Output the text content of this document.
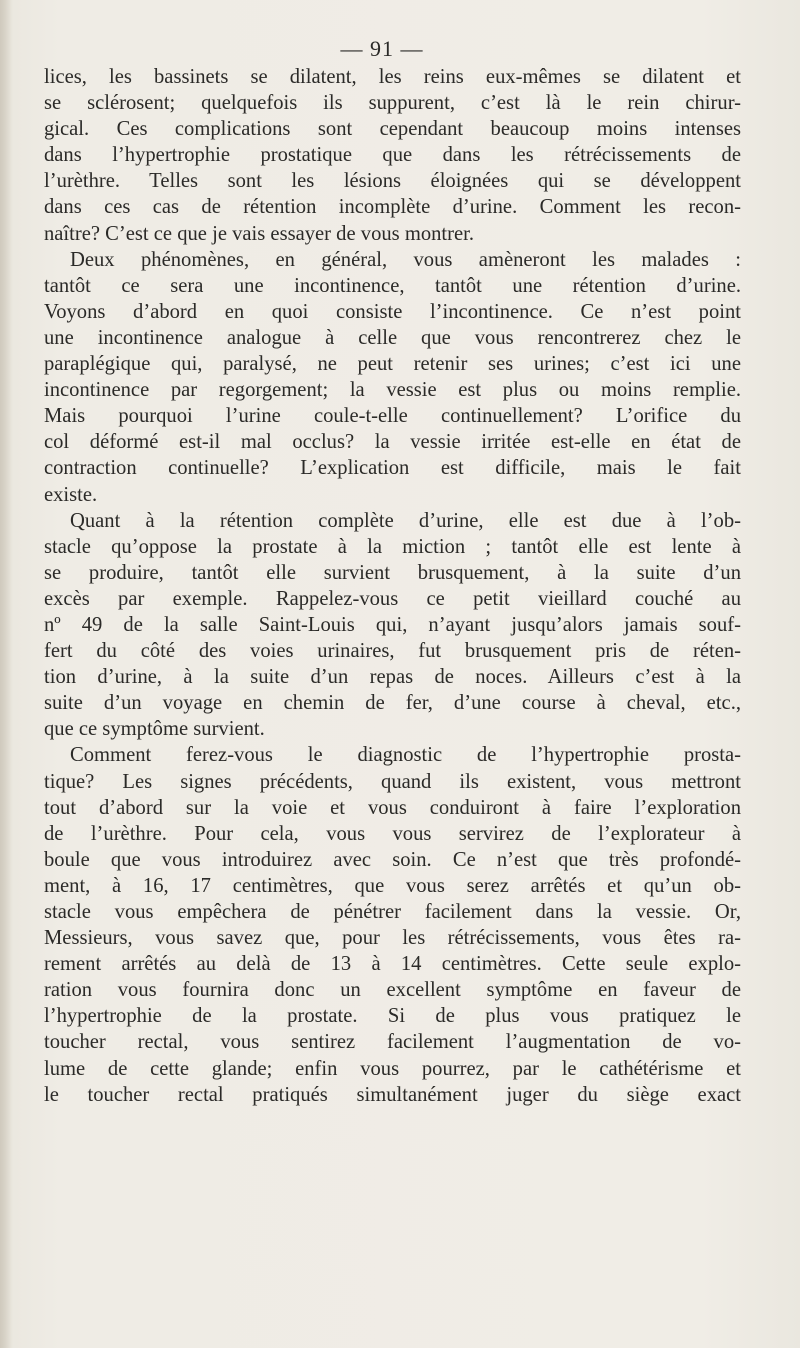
— 91 —

lices, les bassinets se dilatent, les reins eux-mêmes se dilatent et
se sclérosent; quelquefois ils suppurent, c’est là le rein chirur-
gical. Ces complications sont cependant beaucoup moins intenses
dans l’hypertrophie prostatique que dans les rétrécissements de
l’urèthre. Telles sont les lésions éloignées qui se développent
dans ces cas de rétention incomplète d’urine. Comment les recon-
naître? C’est ce que je vais essayer de vous montrer.

Deux phénomènes, en général, vous amèneront les malades :
tantôt ce sera une incontinence, tantôt une rétention d’urine.
Voyons d’abord en quoi consiste l’incontinence. Ce n’est point
une incontinence analogue à celle que vous rencontrerez chez le
paraplégique qui, paralysé, ne peut retenir ses urines; c’est ici une
incontinence par regorgement; la vessie est plus ou moins remplie.
Mais pourquoi l’urine coule-t-elle continuellement? L’orifice du
col déformé est-il mal occlus? la vessie irritée est-elle en état de
contraction continuelle? L’explication est difficile, mais le fait
existe.

Quant à la rétention complète d’urine, elle est due à l’ob-
stacle qu’oppose la prostate à la miction ; tantôt elle est lente à
se produire, tantôt elle survient brusquement, à la suite d’un
excès par exemple. Rappelez-vous ce petit vieillard couché au
nº 49 de la salle Saint-Louis qui, n’ayant jusqu’alors jamais souf-
fert du côté des voies urinaires, fut brusquement pris de réten-
tion d’urine, à la suite d’un repas de noces. Ailleurs c’est à la
suite d’un voyage en chemin de fer, d’une course à cheval, etc.,
que ce symptôme survient.

Comment ferez-vous le diagnostic de l’hypertrophie prosta-
tique? Les signes précédents, quand ils existent, vous mettront
tout d’abord sur la voie et vous conduiront à faire l’exploration
de l’urèthre. Pour cela, vous vous servirez de l’explorateur à
boule que vous introduirez avec soin. Ce n’est que très profondé-
ment, à 16, 17 centimètres, que vous serez arrêtés et qu’un ob-
stacle vous empêchera de pénétrer facilement dans la vessie. Or,
Messieurs, vous savez que, pour les rétrécissements, vous êtes ra-
rement arrêtés au delà de 13 à 14 centimètres. Cette seule explo-
ration vous fournira donc un excellent symptôme en faveur de
l’hypertrophie de la prostate. Si de plus vous pratiquez le
toucher rectal, vous sentirez facilement l’augmentation de vo-
lume de cette glande; enfin vous pourrez, par le cathétérisme et
le toucher rectal pratiqués simultanément juger du siège exact
